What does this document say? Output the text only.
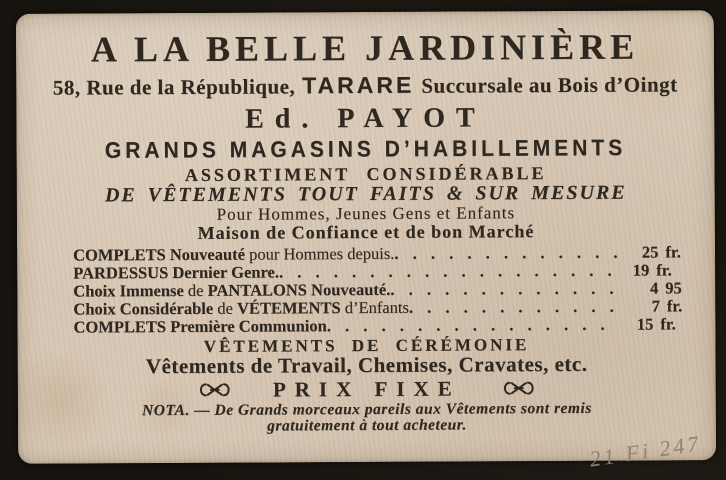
A LA BELLE JARDINIÈRE
58, Rue de la République, TARARE Succursale au Bois d’Oingt
Ed. PAYOT
GRANDS MAGASINS D’HABILLEMENTS
ASSORTIMENT CONSIDÉRABLE
DE VÊTEMENTS TOUT FAITS & SUR MESURE
Pour Hommes, Jeunes Gens et Enfants
Maison de Confiance et de bon Marché
COMPLETS Nouveauté pour Hommes depuis. . .	25 fr.
PARDESSUS Dernier Genre. . .	19 fr.
Choix Immense de PANTALONS Nouveauté. . .	4 95
Choix Considérable de VÉTEMENTS d’Enfants . .	7 fr.
COMPLETS Première Communion . .	15 fr.
VÊTEMENTS DE CÉRÉMONIE
Vêtements de Travail, Chemises, Cravates, etc.
PRIX FIXE
NOTA. — De Grands morceaux pareils aux Vêtements sont remis
gratuitement à tout acheteur.
21 Fi 247
